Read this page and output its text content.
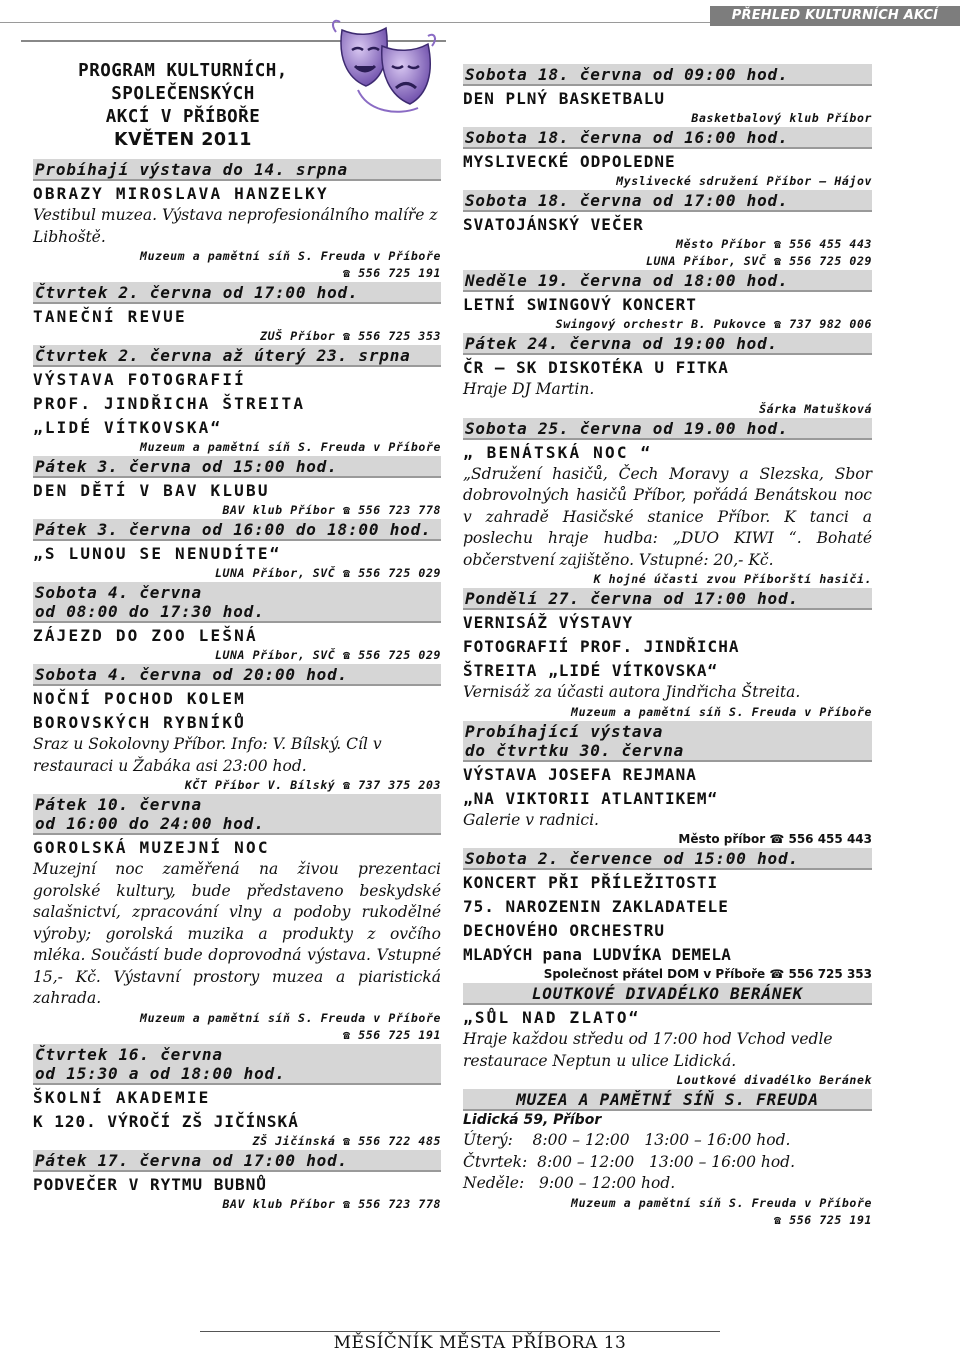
PŘEHLED KULTURNÍCH AKCÍ
PROGRAM KULTURNÍCH,
SPOLEČENSKÝCH
AKCÍ V PŘÍBOŘE
KVĚTEN 2011
Probíhají výstava do 14. srpna
OBRAZY MIROSLAVA HANZELKY
Vestibul muzea. Výstava neprofesionálního malíře z Libhoště.
Muzeum a pamětní síň S. Freuda v Příboře
☎ 556 725 191
Čtvrtek 2. června od 17:00 hod.
TANEČNÍ REVUE
ZUŠ Příbor ☎ 556 725 353
Čtvrtek 2. června až úterý 23. srpna
VÝSTAVA FOTOGRAFIÍ
PROF. JINDŘICHA ŠTREITA
„LIDÉ VÍTKOVSKA“
Muzeum a pamětní síň S. Freuda v Příboře
Pátek 3. června od 15:00 hod.
DEN DĚTÍ V BAV KLUBU
BAV klub Příbor ☎ 556 723 778
Pátek 3. června od 16:00 do 18:00 hod.
„S LUNOU SE NENUDÍTE“
LUNA Příbor, SVČ ☎ 556 725 029
Sobota 4. června
od 08:00 do 17:30 hod.
ZÁJEZD DO ZOO LEŠNÁ
LUNA Příbor, SVČ ☎ 556 725 029
Sobota 4. června od 20:00 hod.
NOČNÍ POCHOD KOLEM
BOROVSKÝCH RYBNÍKŮ
Sraz u Sokolovny Příbor. Info: V. Bílský. Cíl v restauraci u Žabáka asi 23:00 hod.
KČT Příbor V. Bílský ☎ 737 375 203
Pátek 10. června
od 16:00 do 24:00 hod.
GOROLSKÁ MUZEJNÍ NOC
Muzejní noc zaměřená na živou prezentaci gorolské kultury, bude představeno beskydské salašnictví, zpracování vlny a podoby rukodělné výroby; gorolská muzika a produkty z ovčího mléka. Součástí bude doprovodná výstava. Vstupné 15,- Kč. Výstavní prostory muzea a piaristická zahrada.
Muzeum a pamětní síň S. Freuda v Příboře
☎ 556 725 191
Čtvrtek 16. června
od 15:30 a od 18:00 hod.
ŠKOLNÍ AKADEMIE
K 120. VÝROČÍ ZŠ JIČÍNSKÁ
ZŠ Jičínská ☎ 556 722 485
Pátek 17. června od 17:00 hod.
PODVEČER V RYTMU BUBNŮ
BAV klub Příbor ☎ 556 723 778
Sobota 18. června od 09:00 hod.
DEN PLNÝ BASKETBALU
Basketbalový klub Příbor
Sobota 18. června od 16:00 hod.
MYSLIVECKÉ ODPOLEDNE
Myslivecké sdružení Příbor – Hájov
Sobota 18. června od 17:00 hod.
SVATOJÁNSKÝ VEČER
Město Příbor ☎ 556 455 443
LUNA Příbor, SVČ ☎ 556 725 029
Neděle 19. června od 18:00 hod.
LETNÍ SWINGOVÝ KONCERT
Swingový orchestr B. Pukovce ☎ 737 982 006
Pátek 24. června od 19:00 hod.
ČR – SK DISKOTÉKA U FITKA
Hraje DJ Martin.
Šárka Matušková
Sobota 25. června od 19.00 hod.
„ BENÁTSKÁ NOC “
„Sdružení hasičů, Čech Moravy a Slezska, Sbor dobrovolných hasičů Příbor, pořádá Benátskou noc v zahradě Hasičské stanice Příbor. K tanci a poslechu hraje hudba: „DUO KIWI “. Bohaté občerstvení zajištěno. Vstupné: 20,- Kč.
K hojné účasti zvou Příborští hasiči.
Pondělí 27. června od 17:00 hod.
VERNISÁŽ VÝSTAVY
FOTOGRAFIÍ PROF. JINDŘICHA
ŠTREITA „LIDÉ VÍTKOVSKA“
Vernisáž za účasti autora Jindřicha Štreita.
Muzeum a pamětní síň S. Freuda v Příboře
Probíhající výstava
do čtvrtku 30. června
VÝSTAVA JOSEFA REJMANA
„NA VIKTORII ATLANTIKEM“
Galerie v radnici.
Město příbor ☎ 556 455 443
Sobota 2. července od 15:00 hod.
KONCERT PŘI PŘÍLEŽITOSTI
75. NAROZENIN ZAKLADATELE
DECHOVÉHO ORCHESTRU
MLADÝCH pana LUDVÍKA DEMELA
Společnost přátel DOM v Příboře ☎ 556 725 353
LOUTKOVÉ DIVADÉLKO BERÁNEK
„SŮL NAD ZLATO“
Hraje každou středu od 17:00 hod Vchod vedle restaurace Neptun u ulice Lidická.
Loutkové divadélko Beránek
MUZEA A PAMĚTNÍ SÍŇ S. FREUDA
Lidická 59, Příbor
Úterý:    8:00 – 12:00   13:00 – 16:00 hod.
Čtvrtek:  8:00 – 12:00   13:00 – 16:00 hod.
Neděle:   9:00 – 12:00 hod.
Muzeum a pamětní síň S. Freuda v Příboře
☎ 556 725 191
MĚSÍČNÍK MĚSTA PŘÍBORA 13
